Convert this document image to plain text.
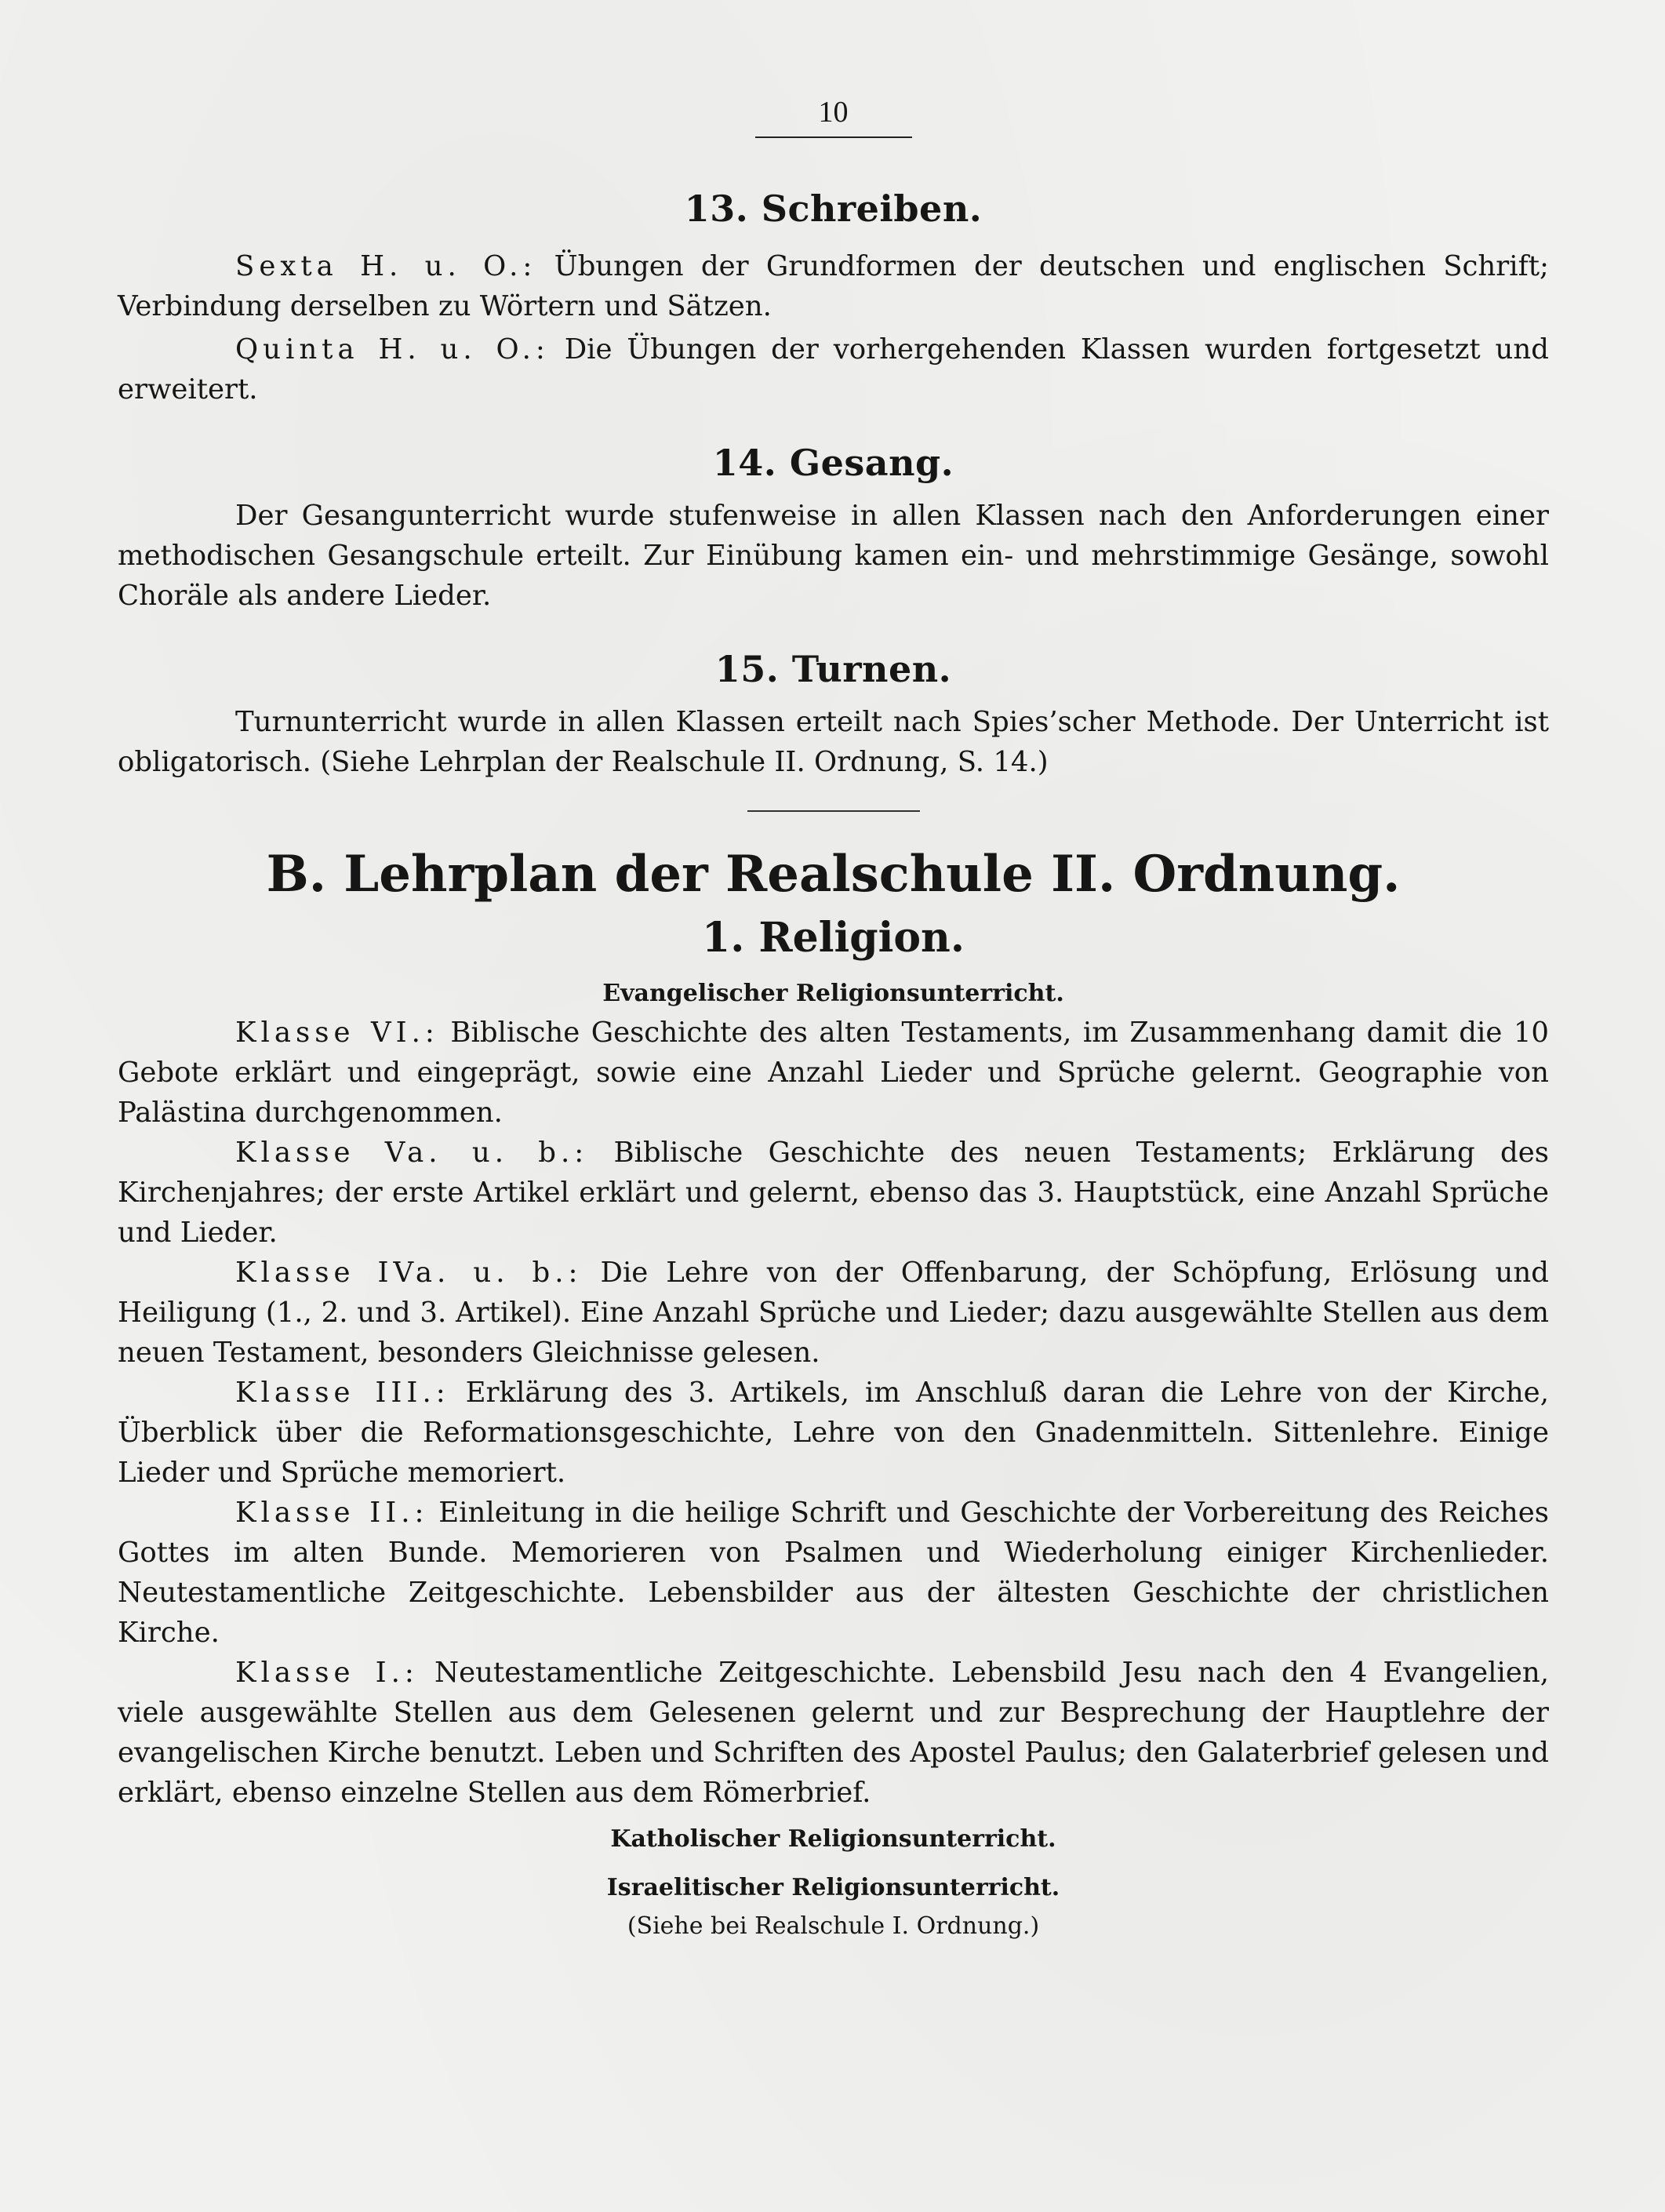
10
13. Schreiben.

Sexta H. u. O.: Übungen der Grundformen der deutschen und englischen Schrift; Verbindung derselben zu Wörtern und Sätzen.

Quinta H. u. O.: Die Übungen der vorhergehenden Klassen wurden fortgesetzt und erweitert.

14. Gesang.

Der Gesangunterricht wurde stufenweise in allen Klassen nach den Anforderungen einer methodischen Gesangschule erteilt. Zur Einübung kamen ein- und mehrstimmige Gesänge, sowohl Choräle als andere Lieder.

15. Turnen.

Turnunterricht wurde in allen Klassen erteilt nach Spies’scher Methode. Der Unterricht ist obligatorisch. (Siehe Lehrplan der Realschule II. Ordnung, S. 14.)

B. Lehrplan der Realschule II. Ordnung.
1. Religion.
Evangelischer Religionsunterricht.

Klasse VI.: Biblische Geschichte des alten Testaments, im Zusammenhang damit die 10 Gebote erklärt und eingeprägt, sowie eine Anzahl Lieder und Sprüche gelernt. Geographie von Palästina durchgenommen.

Klasse Va. u. b.: Biblische Geschichte des neuen Testaments; Erklärung des Kirchenjahres; der erste Artikel erklärt und gelernt, ebenso das 3. Hauptstück, eine Anzahl Sprüche und Lieder.

Klasse IVa. u. b.: Die Lehre von der Offenbarung, der Schöpfung, Erlösung und Heiligung (1., 2. und 3. Artikel). Eine Anzahl Sprüche und Lieder; dazu ausgewählte Stellen aus dem neuen Testament, besonders Gleichnisse gelesen.

Klasse III.: Erklärung des 3. Artikels, im Anschluß daran die Lehre von der Kirche, Überblick über die Reformationsgeschichte, Lehre von den Gnadenmitteln. Sittenlehre. Einige Lieder und Sprüche memoriert.

Klasse II.: Einleitung in die heilige Schrift und Geschichte der Vorbereitung des Reiches Gottes im alten Bunde. Memorieren von Psalmen und Wiederholung einiger Kirchenlieder. Neutestamentliche Zeitgeschichte. Lebensbilder aus der ältesten Geschichte der christlichen Kirche.

Klasse I.: Neutestamentliche Zeitgeschichte. Lebensbild Jesu nach den 4 Evangelien, viele ausgewählte Stellen aus dem Gelesenen gelernt und zur Besprechung der Hauptlehre der evangelischen Kirche benutzt. Leben und Schriften des Apostel Paulus; den Galaterbrief gelesen und erklärt, ebenso einzelne Stellen aus dem Römerbrief.

Katholischer Religionsunterricht.
Israelitischer Religionsunterricht.
(Siehe bei Realschule I. Ordnung.)
